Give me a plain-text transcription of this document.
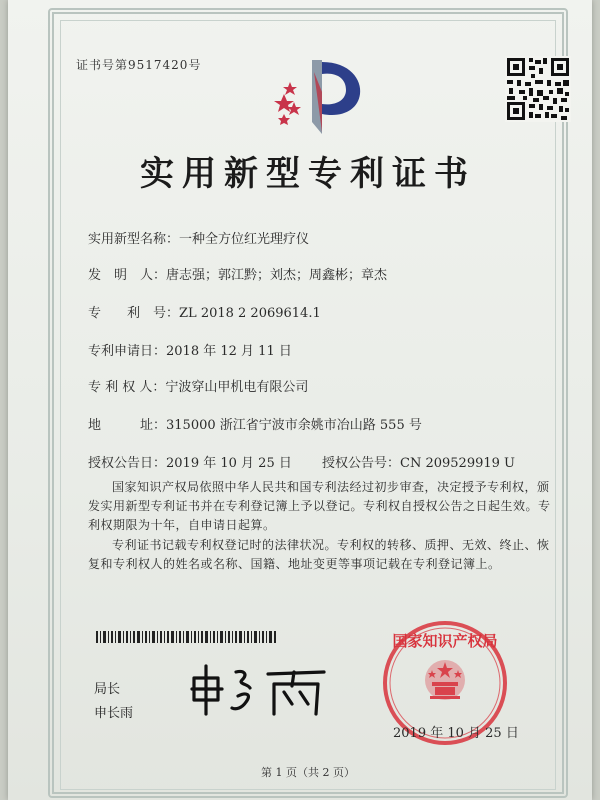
证书号第9517420号
实用新型专利证书
实用新型名称：一种全方位红光理疗仪
发　明　人：唐志强；郭江黔；刘杰；周鑫彬；章杰
专　　利　号：ZL 2018 2 2069614.1
专利申请日：2018 年 12 月 11 日
专 利 权 人：宁波穿山甲机电有限公司
地　　　址：315000 浙江省宁波市余姚市冶山路 555 号
授权公告日：2019 年 10 月 25 日 授权公告号：CN 209529919 U
国家知识产权局依照中华人民共和国专利法经过初步审查，决定授予专利权，颁发实用新型专利证书并在专利登记簿上予以登记。专利权自授权公告之日起生效。专利权期限为十年，自申请日起算。
专利证书记载专利权登记时的法律状况。专利权的转移、质押、无效、终止、恢复和专利权人的姓名或名称、国籍、地址变更等事项记载在专利登记簿上。
局长
申长雨
国家知识产权局
2019 年 10 月 25 日
第 1 页（共 2 页）
